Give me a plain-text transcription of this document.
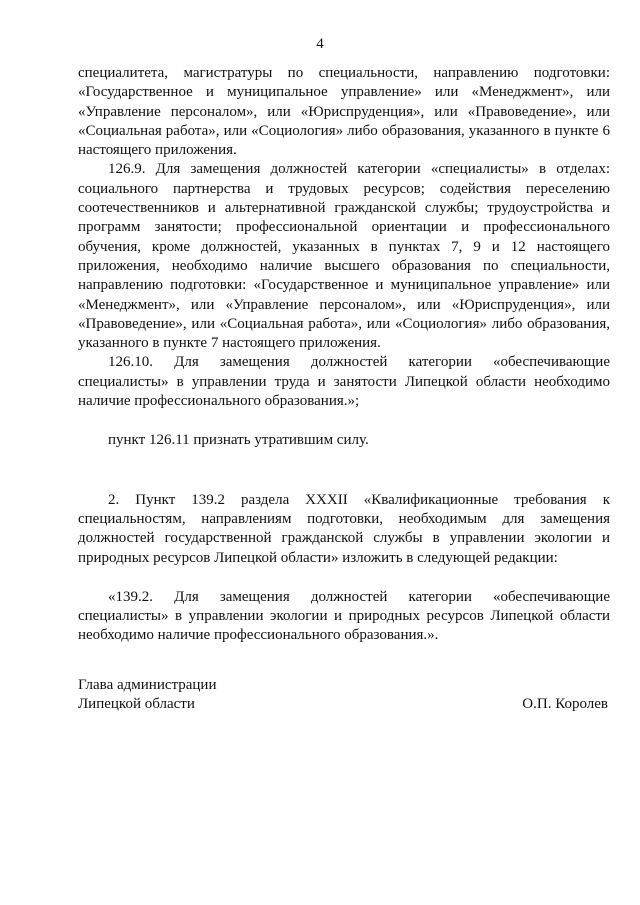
4

специалитета, магистратуры по специальности, направлению подготовки: «Государственное и муниципальное управление» или «Менеджмент», или «Управление персоналом», или «Юриспруденция», или «Правоведение», или «Социальная работа», или «Социология» либо образования, указанного в пункте 6 настоящего приложения.

126.9. Для замещения должностей категории «специалисты» в отделах: социального партнерства и трудовых ресурсов; содействия переселению соотечественников и альтернативной гражданской службы; трудоустройства и программ занятости; профессиональной ориентации и профессионального обучения, кроме должностей, указанных в пунктах 7, 9 и 12 настоящего приложения, необходимо наличие высшего образования по специальности, направлению подготовки: «Государственное и муниципальное управление» или «Менеджмент», или «Управление персоналом», или «Юриспруденция», или «Правоведение», или «Социальная работа», или «Социология» либо образования, указанного в пункте 7 настоящего приложения.

126.10. Для замещения должностей категории «обеспечивающие специалисты» в управлении труда и занятости Липецкой области необходимо наличие профессионального образования.»;

пункт 126.11 признать утратившим силу.

2. Пункт 139.2 раздела XXXII «Квалификационные требования к специальностям, направлениям подготовки, необходимым для замещения должностей государственной гражданской службы в управлении экологии и природных ресурсов Липецкой области» изложить в следующей редакции:

«139.2. Для замещения должностей категории «обеспечивающие специалисты» в управлении экологии и природных ресурсов Липецкой области необходимо наличие профессионального образования.».

Глава администрации
Липецкой области	О.П. Королев
